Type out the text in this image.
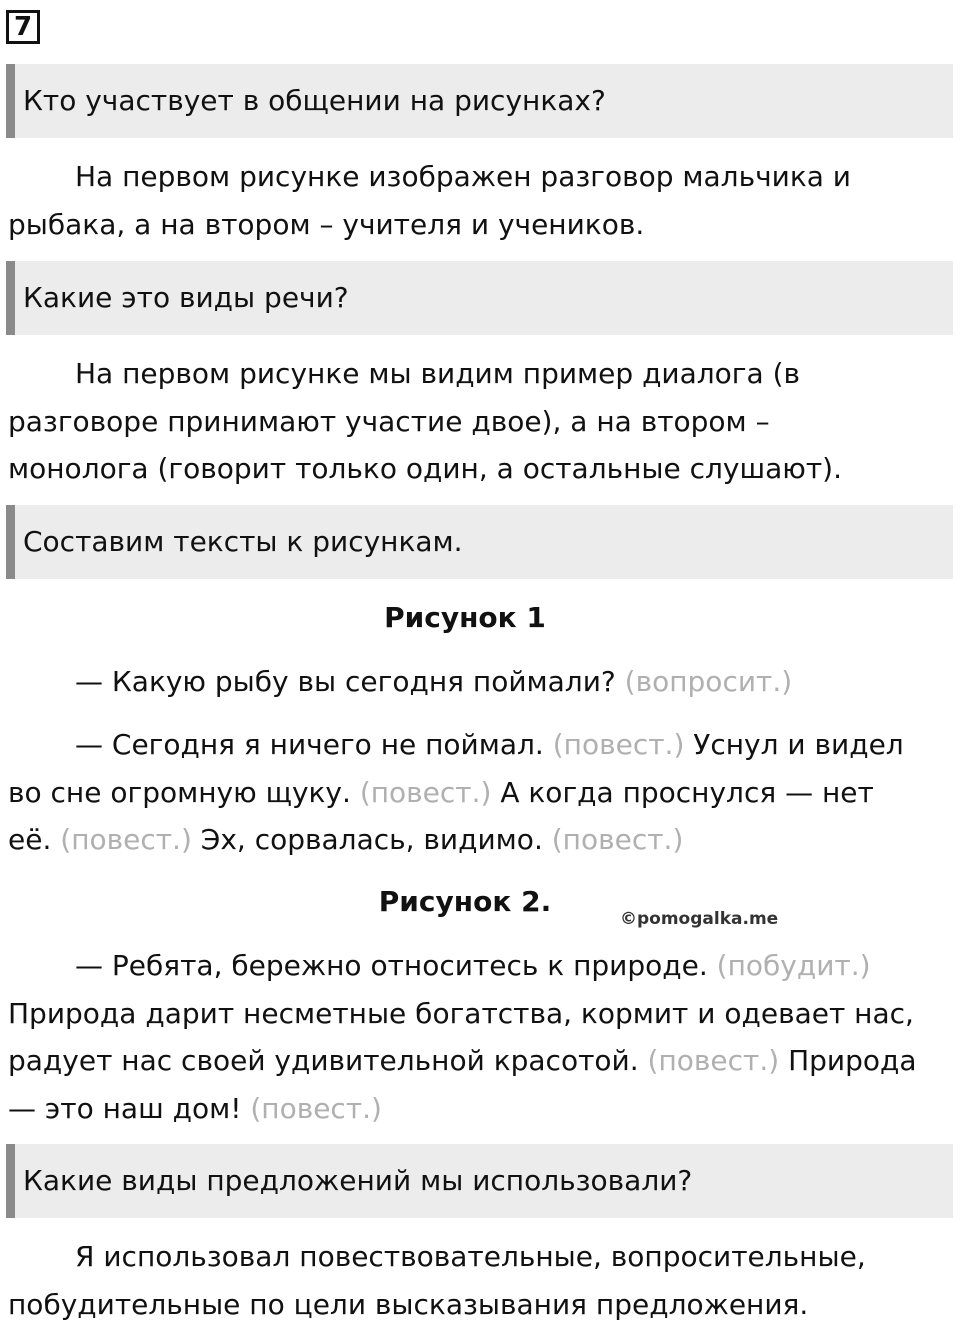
7
Кто участвует в общении на рисунках?

На первом рисунке изображен разговор мальчика и рыбака, а на втором – учителя и учеников.

Какие это виды речи?

На первом рисунке мы видим пример диалога (в разговоре принимают участие двое), а на втором – монолога (говорит только один, а остальные слушают).

Составим тексты к рисункам.
Рисунок 1

— Какую рыбу вы сегодня поймали? (вопросит.)

— Сегодня я ничего не поймал. (повест.) Уснул и видел во сне огромную щуку. (повест.) А когда проснулся — нет её. (повест.) Эх, сорвалась, видимо. (повест.)

Рисунок 2.
©pomogalka.me

— Ребята, бережно относитесь к природе. (побудит.) Природа дарит несметные богатства, кормит и одевает нас, радует нас своей удивительной красотой. (повест.) Природа — это наш дом! (повест.)

Какие виды предложений мы использовали?

Я использовал повествовательные, вопросительные, побудительные по цели высказывания предложения.
